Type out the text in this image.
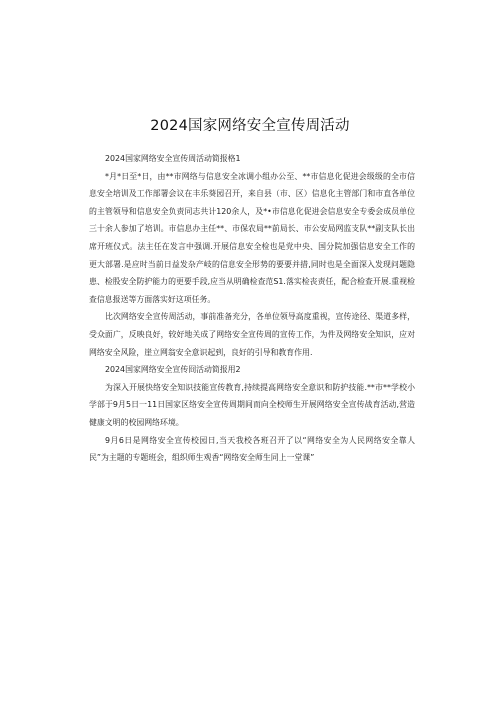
2024国家网络安全宣传周活动

2024国家网络安全宣传周活动简报格1

*月*日至*日，由**市网络与信息安全冰调小组办公至、**市信息化促进会级级的全市信息安全培训及工作部署会议在丰乐葵园召开，来自县（市、区）信息化主管部门和市直各单位的主管领导和信息安全负责同志共计120余人，及*•市信息化促进会信息安全专委会成员单位三十余人参加了培训。市信息办主任**、市保农局**前局长、市公安局网监支队**副支队长出席开班仪式。法主任在发言中强调.开展信息安全检也是党中央、国分院加强信息安全工作的更大部署.是应时当前日益发杂产岐的信息安全形势的要要并措,同时也是全面深入发现问题隐患、检股安全防护能力的更要手段,应当从明确检查范S1.落实检丧责任，配合检查开展.重视检查信息报送等方面落实好这项任务。

比次网络安全宣传周活动，事前准备充分，各单位领导高度重视，宣传途径、渠道多样，受众面广，反映良好，较好地关成了网络安全宣传周的宣传工作，为件及网络安全知识，应对网络安全风险，崖立网翁安全意识起到，良好的引导和教育作用.

2024国家网络安全宣传冏活动简报用2

为深入开展快络安全知识技能宣传教育,持续提高网络安全意识和防护技能.**市**学校小学部于9月5日一11日国家区络安全宣传周期间而向全校师生开展网络安全宣传战育活动,营造健康文明的校园网络环境。

9月6日是网络安全宣传校园日,当天我校各班召开了以“网络安全为人民网络安全靠人民”为主题的专题班会，组织师生观香“网络安全师生同上一堂课”
